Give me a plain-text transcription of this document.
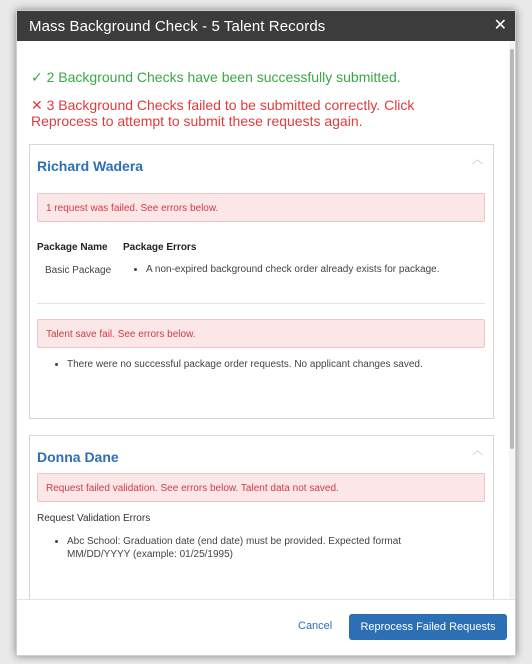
Mass Background Check - 5 Talent Records	✕
✓ 2 Background Checks have been successfully submitted.
✕ 3 Background Checks failed to be submitted correctly. Click Reprocess to attempt to submit these requests again.
Richard Wadera	︿
1 request was failed. See errors below.
Package Name	Package Errors
Basic Package
•	A non-expired background check order already exists for package.
Talent save fail. See errors below.
• There were no successful package order requests. No applicant changes saved.
Donna Dane	︿
Request failed validation. See errors below. Talent data not saved.
Request Validation Errors
• Abc School: Graduation date (end date) must be provided. Expected format MM/DD/YYYY (example: 01/25/1995)
Cancel	Reprocess Failed Requests
